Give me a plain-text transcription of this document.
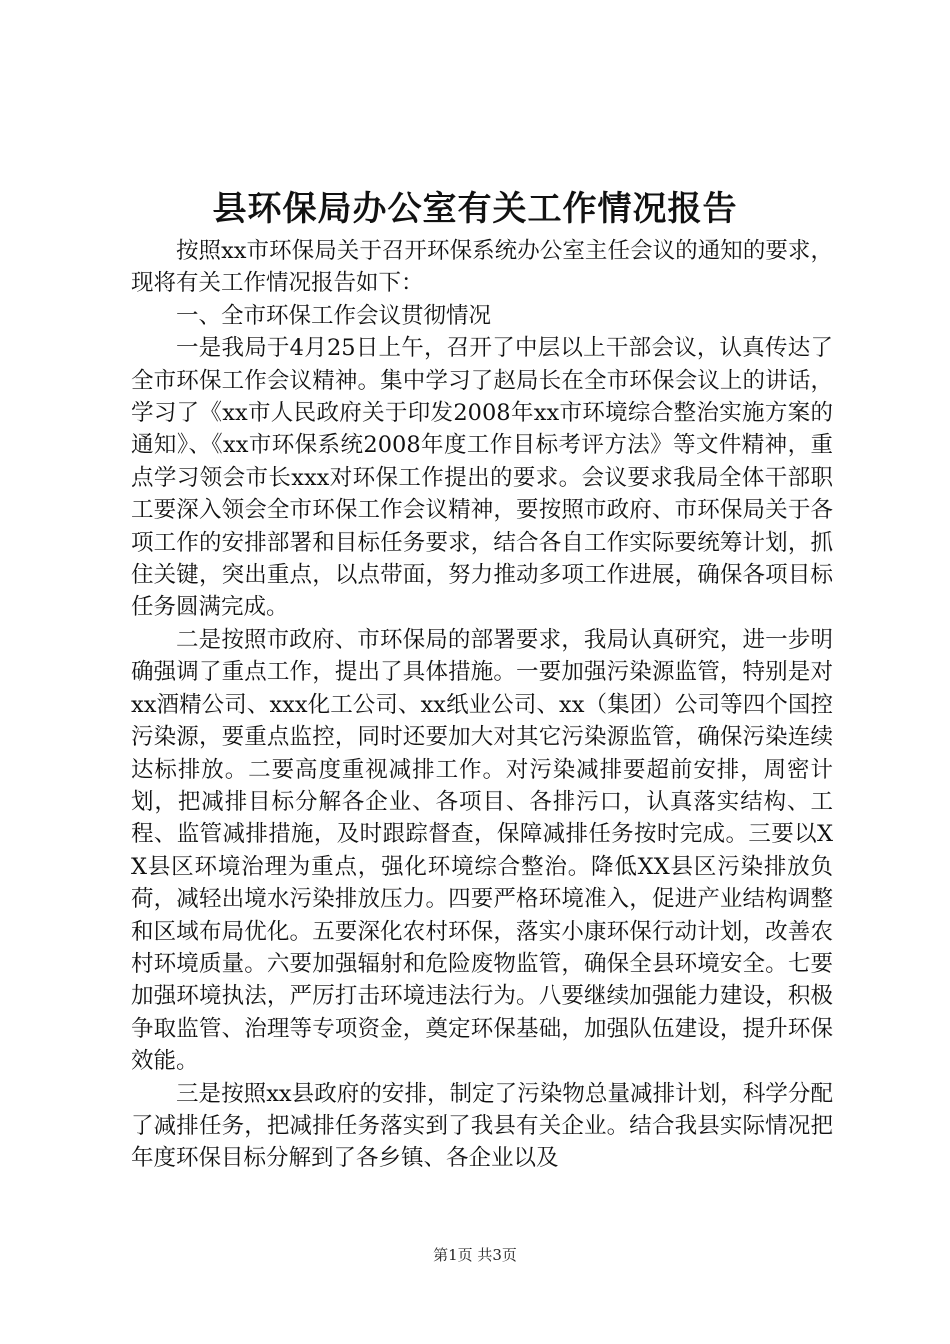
县环保局办公室有关工作情况报告

按照xx市环保局关于召开环保系统办公室主任会议的通知的要求，现将有关工作情况报告如下：

一、全市环保工作会议贯彻情况

一是我局于4月25日上午，召开了中层以上干部会议，认真传达了全市环保工作会议精神。集中学习了赵局长在全市环保会议上的讲话，学习了《xx市人民政府关于印发2008年xx市环境综合整治实施方案的通知》、《xx市环保系统2008年度工作目标考评方法》等文件精神，重点学习领会市长xxx对环保工作提出的要求。会议要求我局全体干部职工要深入领会全市环保工作会议精神，要按照市政府、市环保局关于各项工作的安排部署和目标任务要求，结合各自工作实际要统筹计划，抓住关键，突出重点，以点带面，努力推动多项工作进展，确保各项目标任务圆满完成。

二是按照市政府、市环保局的部署要求，我局认真研究，进一步明确强调了重点工作，提出了具体措施。一要加强污染源监管，特别是对xx酒精公司、xxx化工公司、xx纸业公司、xx（集团）公司等四个国控污染源，要重点监控，同时还要加大对其它污染源监管，确保污染连续达标排放。二要高度重视减排工作。对污染减排要超前安排，周密计划，把减排目标分解各企业、各项目、各排污口，认真落实结构、工程、监管减排措施，及时跟踪督查，保障减排任务按时完成。三要以XX县区环境治理为重点，强化环境综合整治。降低XX县区污染排放负荷，减轻出境水污染排放压力。四要严格环境准入，促进产业结构调整和区域布局优化。五要深化农村环保，落实小康环保行动计划，改善农村环境质量。六要加强辐射和危险废物监管，确保全县环境安全。七要加强环境执法，严厉打击环境违法行为。八要继续加强能力建设，积极争取监管、治理等专项资金，奠定环保基础，加强队伍建设，提升环保效能。

三是按照xx县政府的安排，制定了污染物总量减排计划，科学分配了减排任务，把减排任务落实到了我县有关企业。结合我县实际情况把年度环保目标分解到了各乡镇、各企业以及

第1页 共3页
